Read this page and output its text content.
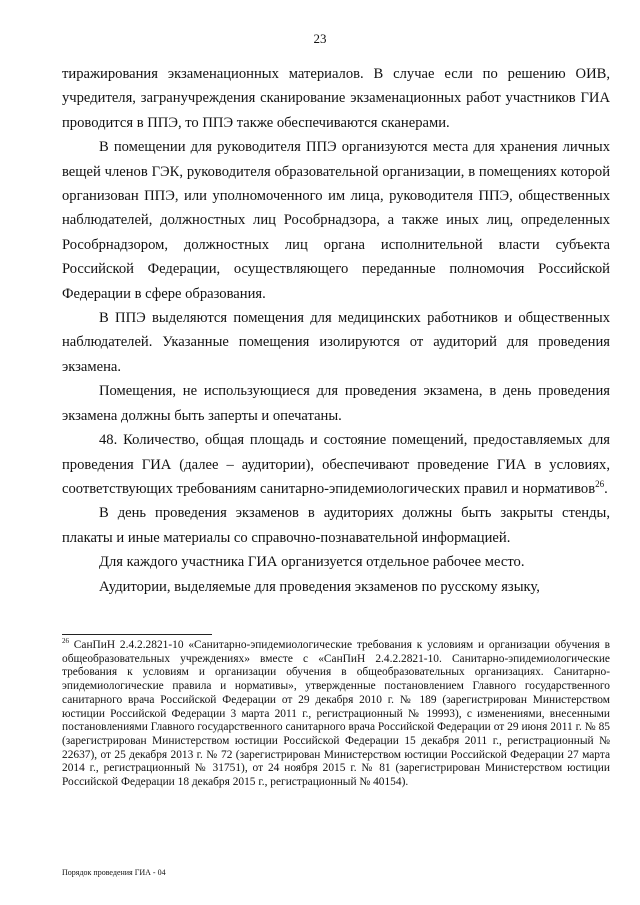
23

тиражирования экзаменационных материалов. В случае если по решению ОИВ, учредителя, загранучреждения сканирование экзаменационных работ участников ГИА проводится в ППЭ, то ППЭ также обеспечиваются сканерами.

В помещении для руководителя ППЭ организуются места для хранения личных вещей членов ГЭК, руководителя образовательной организации, в помещениях которой организован ППЭ, или уполномоченного им лица, руководителя ППЭ, общественных наблюдателей, должностных лиц Рособрнадзора, а также иных лиц, определенных Рособрнадзором, должностных лиц органа исполнительной власти субъекта Российской Федерации, осуществляющего переданные полномочия Российской Федерации в сфере образования.

В ППЭ выделяются помещения для медицинских работников и общественных наблюдателей. Указанные помещения изолируются от аудиторий для проведения экзамена.

Помещения, не использующиеся для проведения экзамена, в день проведения экзамена должны быть заперты и опечатаны.

48. Количество, общая площадь и состояние помещений, предоставляемых для проведения ГИА (далее – аудитории), обеспечивают проведение ГИА в условиях, соответствующих требованиям санитарно-эпидемиологических правил и нормативов$^{26}$.

В день проведения экзаменов в аудиториях должны быть закрыты стенды, плакаты и иные материалы со справочно-познавательной информацией.

Для каждого участника ГИА организуется отдельное рабочее место.

Аудитории, выделяемые для проведения экзаменов по русскому языку,

$^{26}$ СанПиН 2.4.2.2821-10 «Санитарно-эпидемиологические требования к условиям и организации обучения в общеобразовательных учреждениях» вместе с «СанПиН 2.4.2.2821-10. Санитарно-эпидемиологические требования к условиям и организации обучения в общеобразовательных организациях. Санитарно-эпидемиологические правила и нормативы», утвержденные постановлением Главного государственного санитарного врача Российской Федерации от 29 декабря 2010 г. № 189 (зарегистрирован Министерством юстиции Российской Федерации 3 марта 2011 г., регистрационный № 19993), с изменениями, внесенными постановлениями Главного государственного санитарного врача Российской Федерации от 29 июня 2011 г. № 85 (зарегистрирован Министерством юстиции Российской Федерации 15 декабря 2011 г., регистрационный № 22637), от 25 декабря 2013 г. № 72 (зарегистрирован Министерством юстиции Российской Федерации 27 марта 2014 г., регистрационный № 31751), от 24 ноября 2015 г. № 81 (зарегистрирован Министерством юстиции Российской Федерации 18 декабря 2015 г., регистрационный № 40154).

Порядок проведения ГИА - 04
